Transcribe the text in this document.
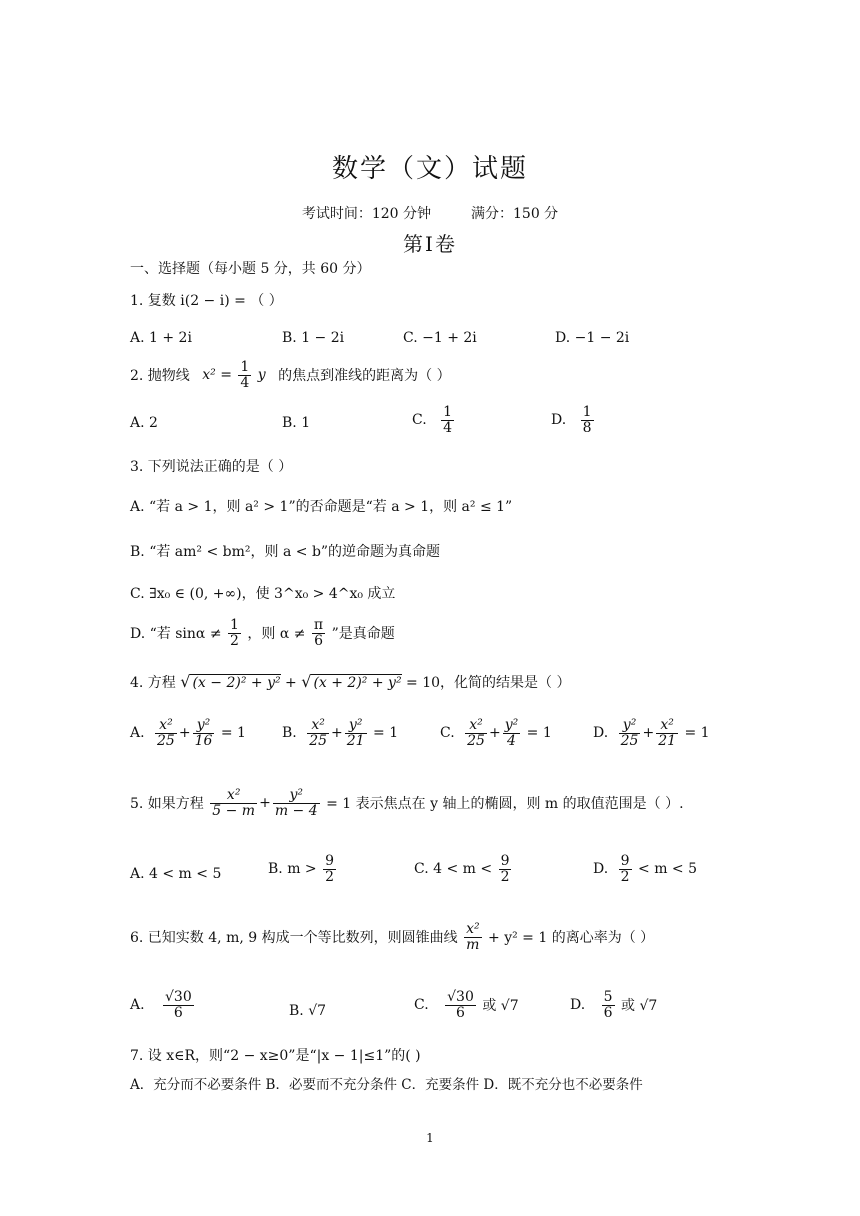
数学（文）试题
考试时间：120 分钟	满分：150 分
第Ⅰ卷
一、选择题（每小题 5 分，共 60 分）
1. 复数 i(2 − i) = （ ）
A. 1 + 2i	B. 1 − 2i	C. −1 + 2i	D. −1 − 2i
2. 抛物线 $x^2 = \frac{1}{4}$ y 的焦点到准线的距离为（ ）
A. 2	B. 1	C. $\frac{1}{4}$	D. $\frac{1}{8}$
3. 下列说法正确的是（ ）
A. “若 a > 1，则 a² > 1”的否命题是“若 a > 1，则 a² ≤ 1”
B. “若 am² < bm²，则 a < b”的逆命题为真命题
C. ∃x₀ ∈ (0, +∞)，使 3^x₀ > 4^x₀ 成立
D. “若 $\sin\alpha \ne \frac{1}{2}$ ，则 $\alpha \ne \frac{\pi}{6}$ ”是真命题
4. 方程 √ (x − 2)² + y² + √ (x + 2)² + y² = 10，化简的结果是（ ）
A. $\frac{\text{x²}}{25} + \frac{\text{y²}}{16} = 1$	B. $\frac{\text{x²}}{25} + \frac{\text{y²}}{21} = 1$	C. $\frac{\text{x²}}{25} + \frac{\text{y²}}{4} = 1$	D. $\frac{\text{y²}}{25} + \frac{\text{x²}}{21} = 1$
5. 如果方程 $\frac{\text{x²}}{5 - m} + \frac{\text{y²}}{m - 4} = 1$ 表示焦点在 y 轴上的椭圆，则 m 的取值范围是（ ）.
A. 4 < m < 5	B. $m > \frac{9}{2}$	C. $4 < m < \frac{9}{2}$	D. $\frac{9}{2} < m < 5$
6. 已知实数 4, m, 9 构成一个等比数列，则圆锥曲线 $\frac{\text{x²}}{m} + y^2 = 1$ 的离心率为（ ）
A. $\frac{√30}{6}$	B. √7	C. $\frac{√30}{6}$ 或 √7	D. $\frac{5}{6}$ 或 √7
7. 设 x∈R，则“2 − x≥0”是“|x − 1|≤1”的( )
A．充分而不必要条件 B．必要而不充分条件 C．充要条件 D．既不充分也不必要条件
1
